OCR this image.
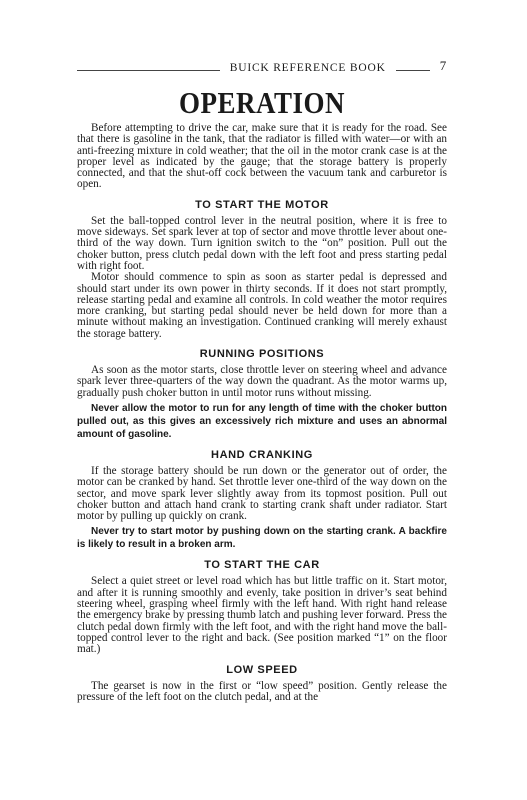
BUICK REFERENCE BOOK	7
OPERATION

Before attempting to drive the car, make sure that it is ready for the road. See that there is gasoline in the tank, that the radiator is filled with water—or with an anti-freezing mixture in cold weather; that the oil in the motor crank case is at the proper level as indicated by the gauge; that the storage battery is properly connected, and that the shut-off cock between the vacuum tank and carburetor is open.

TO START THE MOTOR

Set the ball-topped control lever in the neutral position, where it is free to move sideways. Set spark lever at top of sector and move throttle lever about one-third of the way down. Turn ignition switch to the “on” position. Pull out the choker button, press clutch pedal down with the left foot and press starting pedal with right foot.

Motor should commence to spin as soon as starter pedal is depressed and should start under its own power in thirty seconds. If it does not start promptly, release starting pedal and examine all controls. In cold weather the motor requires more cranking, but starting pedal should never be held down for more than a minute without making an investigation. Continued cranking will merely exhaust the storage battery.

RUNNING POSITIONS

As soon as the motor starts, close throttle lever on steering wheel and advance spark lever three-quarters of the way down the quadrant. As the motor warms up, gradually push choker button in until motor runs without missing.

Never allow the motor to run for any length of time with the choker button pulled out, as this gives an excessively rich mixture and uses an abnormal amount of gasoline.

HAND CRANKING

If the storage battery should be run down or the generator out of order, the motor can be cranked by hand. Set throttle lever one-third of the way down on the sector, and move spark lever slightly away from its topmost position. Pull out choker button and attach hand crank to starting crank shaft under radiator. Start motor by pulling up quickly on crank.

Never try to start motor by pushing down on the starting crank. A backfire is likely to result in a broken arm.

TO START THE CAR

Select a quiet street or level road which has but little traffic on it. Start motor, and after it is running smoothly and evenly, take position in driver’s seat behind steering wheel, grasping wheel firmly with the left hand. With right hand release the emergency brake by pressing thumb latch and pushing lever forward. Press the clutch pedal down firmly with the left foot, and with the right hand move the ball-topped control lever to the right and back. (See position marked “1” on the floor mat.)

LOW SPEED

The gearset is now in the first or “low speed” position. Gently release the pressure of the left foot on the clutch pedal, and at the
